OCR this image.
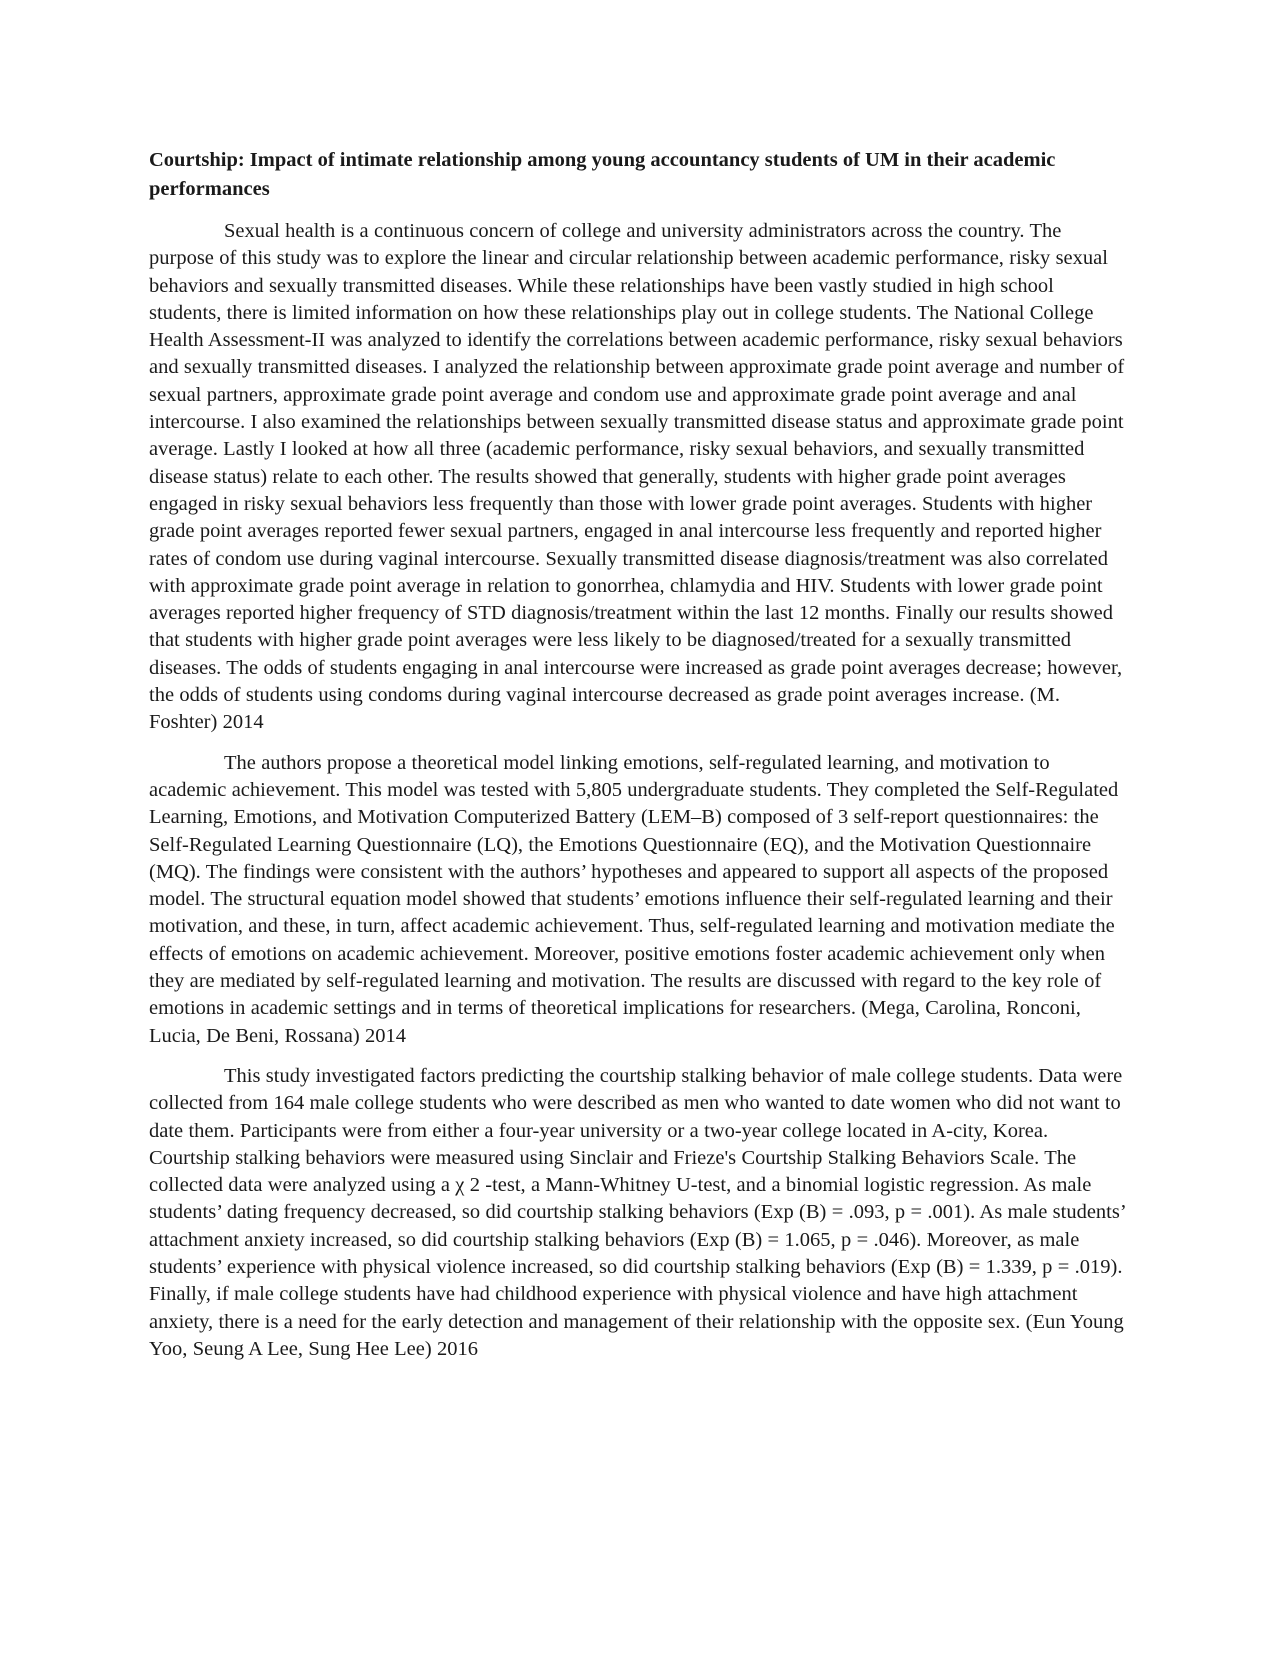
Courtship: Impact of intimate relationship among young accountancy students of UM in their academic performances

Sexual health is a continuous concern of college and university administrators across the country. The purpose of this study was to explore the linear and circular relationship between academic performance, risky sexual behaviors and sexually transmitted diseases. While these relationships have been vastly studied in high school students, there is limited information on how these relationships play out in college students. The National College Health Assessment-II was analyzed to identify the correlations between academic performance, risky sexual behaviors and sexually transmitted diseases. I analyzed the relationship between approximate grade point average and number of sexual partners, approximate grade point average and condom use and approximate grade point average and anal intercourse. I also examined the relationships between sexually transmitted disease status and approximate grade point average. Lastly I looked at how all three (academic performance, risky sexual behaviors, and sexually transmitted disease status) relate to each other. The results showed that generally, students with higher grade point averages engaged in risky sexual behaviors less frequently than those with lower grade point averages. Students with higher grade point averages reported fewer sexual partners, engaged in anal intercourse less frequently and reported higher rates of condom use during vaginal intercourse. Sexually transmitted disease diagnosis/treatment was also correlated with approximate grade point average in relation to gonorrhea, chlamydia and HIV. Students with lower grade point averages reported higher frequency of STD diagnosis/treatment within the last 12 months. Finally our results showed that students with higher grade point averages were less likely to be diagnosed/treated for a sexually transmitted diseases. The odds of students engaging in anal intercourse were increased as grade point averages decrease; however, the odds of students using condoms during vaginal intercourse decreased as grade point averages increase. (M. Foshter) 2014

The authors propose a theoretical model linking emotions, self-regulated learning, and motivation to academic achievement. This model was tested with 5,805 undergraduate students. They completed the Self-Regulated Learning, Emotions, and Motivation Computerized Battery (LEM–B) composed of 3 self-report questionnaires: the Self-Regulated Learning Questionnaire (LQ), the Emotions Questionnaire (EQ), and the Motivation Questionnaire (MQ). The findings were consistent with the authors’ hypotheses and appeared to support all aspects of the proposed model. The structural equation model showed that students’ emotions influence their self-regulated learning and their motivation, and these, in turn, affect academic achievement. Thus, self-regulated learning and motivation mediate the effects of emotions on academic achievement. Moreover, positive emotions foster academic achievement only when they are mediated by self-regulated learning and motivation. The results are discussed with regard to the key role of emotions in academic settings and in terms of theoretical implications for researchers. (Mega, Carolina, Ronconi, Lucia, De Beni, Rossana) 2014

This study investigated factors predicting the courtship stalking behavior of male college students. Data were collected from 164 male college students who were described as men who wanted to date women who did not want to date them. Participants were from either a four-year university or a two-year college located in A-city, Korea. Courtship stalking behaviors were measured using Sinclair and Frieze's Courtship Stalking Behaviors Scale. The collected data were analyzed using a χ 2 -test, a Mann-Whitney U-test, and a binomial logistic regression. As male students’ dating frequency decreased, so did courtship stalking behaviors (Exp (B) = .093, p = .001). As male students’ attachment anxiety increased, so did courtship stalking behaviors (Exp (B) = 1.065, p = .046). Moreover, as male students’ experience with physical violence increased, so did courtship stalking behaviors (Exp (B) = 1.339, p = .019). Finally, if male college students have had childhood experience with physical violence and have high attachment anxiety, there is a need for the early detection and management of their relationship with the opposite sex. (Eun Young Yoo, Seung A Lee, Sung Hee Lee) 2016
